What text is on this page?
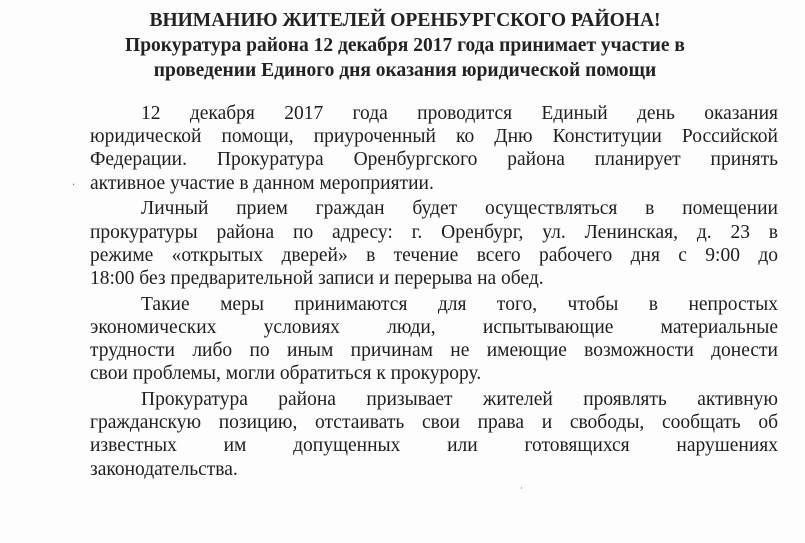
ВНИМАНИЮ ЖИТЕЛЕЙ ОРЕНБУРГСКОГО РАЙОНА!
Прокуратура района 12 декабря 2017 года принимает участие в
проведении Единого дня оказания юридической помощи
12 декабря 2017 года проводится Единый день оказания
юридической помощи, приуроченный ко Дню Конституции Российской
Федерации. Прокуратура Оренбургского района планирует принять
активное участие в данном мероприятии.
Личный прием граждан будет осуществляться в помещении
прокуратуры района по адресу: г. Оренбург, ул. Ленинская, д. 23 в
режиме «открытых дверей» в течение всего рабочего дня с 9:00 до
18:00 без предварительной записи и перерыва на обед.
Такие меры принимаются для того, чтобы в непростых
экономических условиях люди, испытывающие материальные
трудности либо по иным причинам не имеющие возможности донести
свои проблемы, могли обратиться к прокурору.
Прокуратура района призывает жителей проявлять активную
гражданскую позицию, отстаивать свои права и свободы, сообщать об
известных им допущенных или готовящихся нарушениях
законодательства.
·
·
